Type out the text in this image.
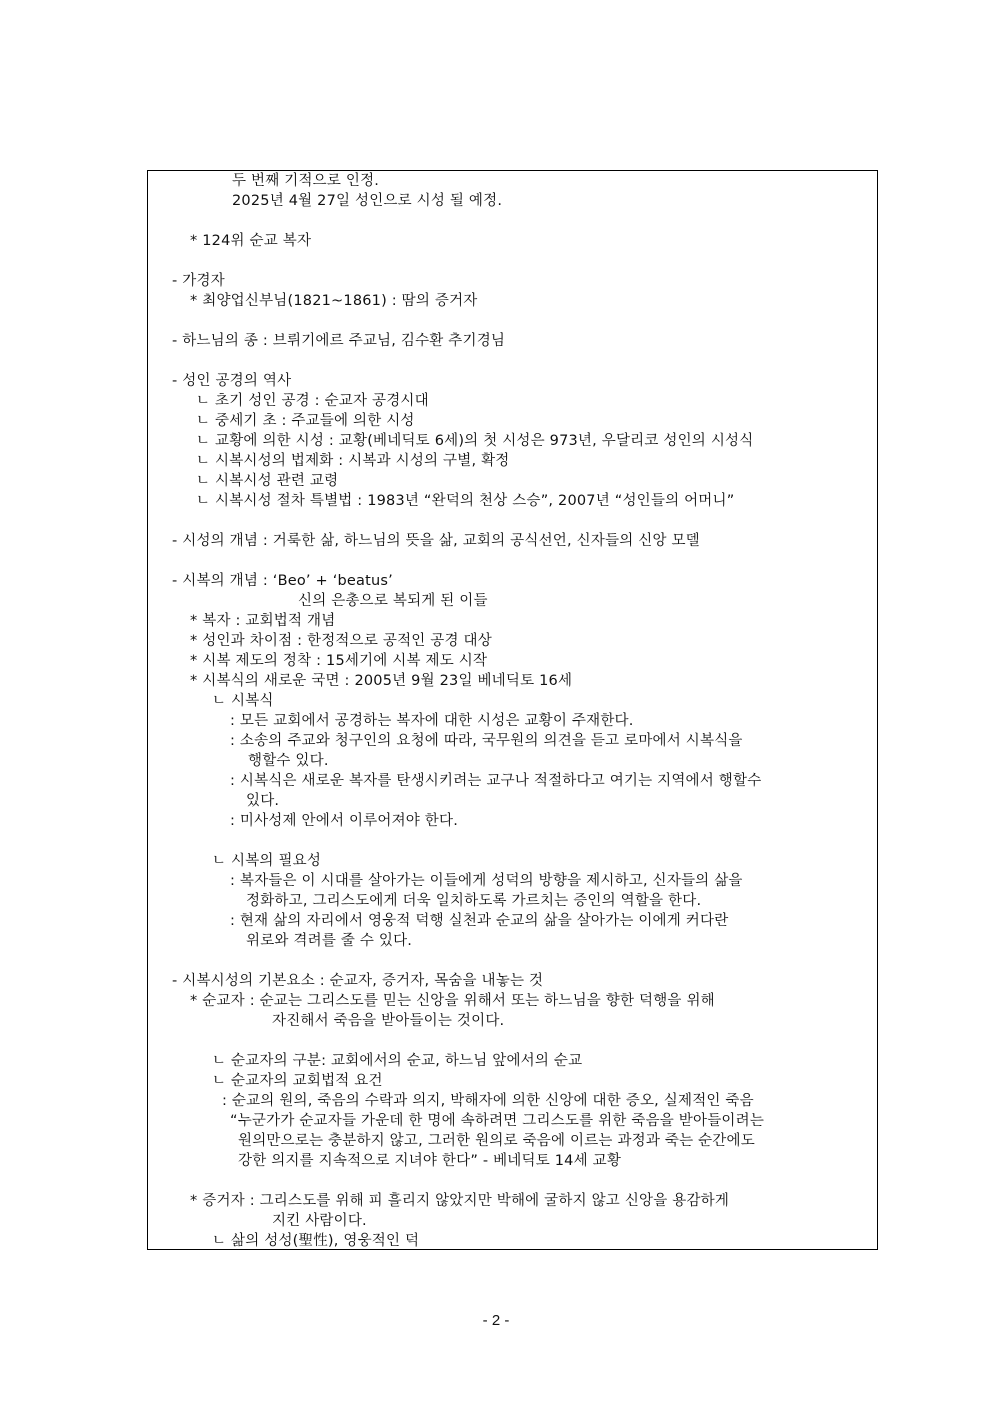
두 번째 기적으로 인정.
2025년 4월 27일 성인으로 시성 될 예정.
* 124위 순교 복자
- 가경자
* 최양업신부님(1821~1861) : 땀의 증거자
- 하느님의 종 : 브뤼기에르 주교님, 김수환 추기경님
- 성인 공경의 역사
ㄴ 초기 성인 공경 : 순교자 공경시대
ㄴ 중세기 초 : 주교들에 의한 시성
ㄴ 교황에 의한 시성 : 교황(베네딕토 6세)의 첫 시성은 973년, 우달리코 성인의 시성식
ㄴ 시복시성의 법제화 : 시복과 시성의 구별, 확정
ㄴ 시복시성 관련 교령
ㄴ 시복시성 절차 특별법 : 1983년 “완덕의 천상 스승”, 2007년 “성인들의 어머니”
- 시성의 개념 : 거룩한 삶, 하느님의 뜻을 삶, 교회의 공식선언, 신자들의 신앙 모델
- 시복의 개념 : ‘Beo’ + ‘beatus’
신의 은총으로 복되게 된 이들
* 복자 : 교회법적 개념
* 성인과 차이점 : 한정적으로 공적인 공경 대상
* 시복 제도의 정착 : 15세기에 시복 제도 시작
* 시복식의 새로운 국면 : 2005년 9월 23일 베네딕토 16세
ㄴ 시복식
: 모든 교회에서 공경하는 복자에 대한 시성은 교황이 주재한다.
: 소송의 주교와 청구인의 요청에 따라, 국무원의 의견을 듣고 로마에서 시복식을
행할수 있다.
: 시복식은 새로운 복자를 탄생시키려는 교구나 적절하다고 여기는 지역에서 행할수
있다.
: 미사성제 안에서 이루어져야 한다.
ㄴ 시복의 필요성
: 복자들은 이 시대를 살아가는 이들에게 성덕의 방향을 제시하고, 신자들의 삶을
정화하고, 그리스도에게 더욱 일치하도록 가르치는 증인의 역할을 한다.
: 현재 삶의 자리에서 영웅적 덕행 실천과 순교의 삶을 살아가는 이에게 커다란
위로와 격려를 줄 수 있다.
- 시복시성의 기본요소 : 순교자, 증거자, 목숨을 내놓는 것
* 순교자 : 순교는 그리스도를 믿는 신앙을 위해서 또는 하느님을 향한 덕행을 위해
자진해서 죽음을 받아들이는 것이다.
ㄴ 순교자의 구분: 교회에서의 순교, 하느님 앞에서의 순교
ㄴ 순교자의 교회법적 요건
: 순교의 원의, 죽음의 수락과 의지, 박해자에 의한 신앙에 대한 증오, 실제적인 죽음
“누군가가 순교자들 가운데 한 명에 속하려면 그리스도를 위한 죽음을 받아들이려는
원의만으로는 충분하지 않고, 그러한 원의로 죽음에 이르는 과정과 죽는 순간에도
강한 의지를 지속적으로 지녀야 한다” - 베네딕토 14세 교황
* 증거자 : 그리스도를 위해 피 흘리지 않았지만 박해에 굴하지 않고 신앙을 용감하게
지킨 사람이다.
ㄴ 삶의 성성(聖性), 영웅적인 덕
- 2 -
